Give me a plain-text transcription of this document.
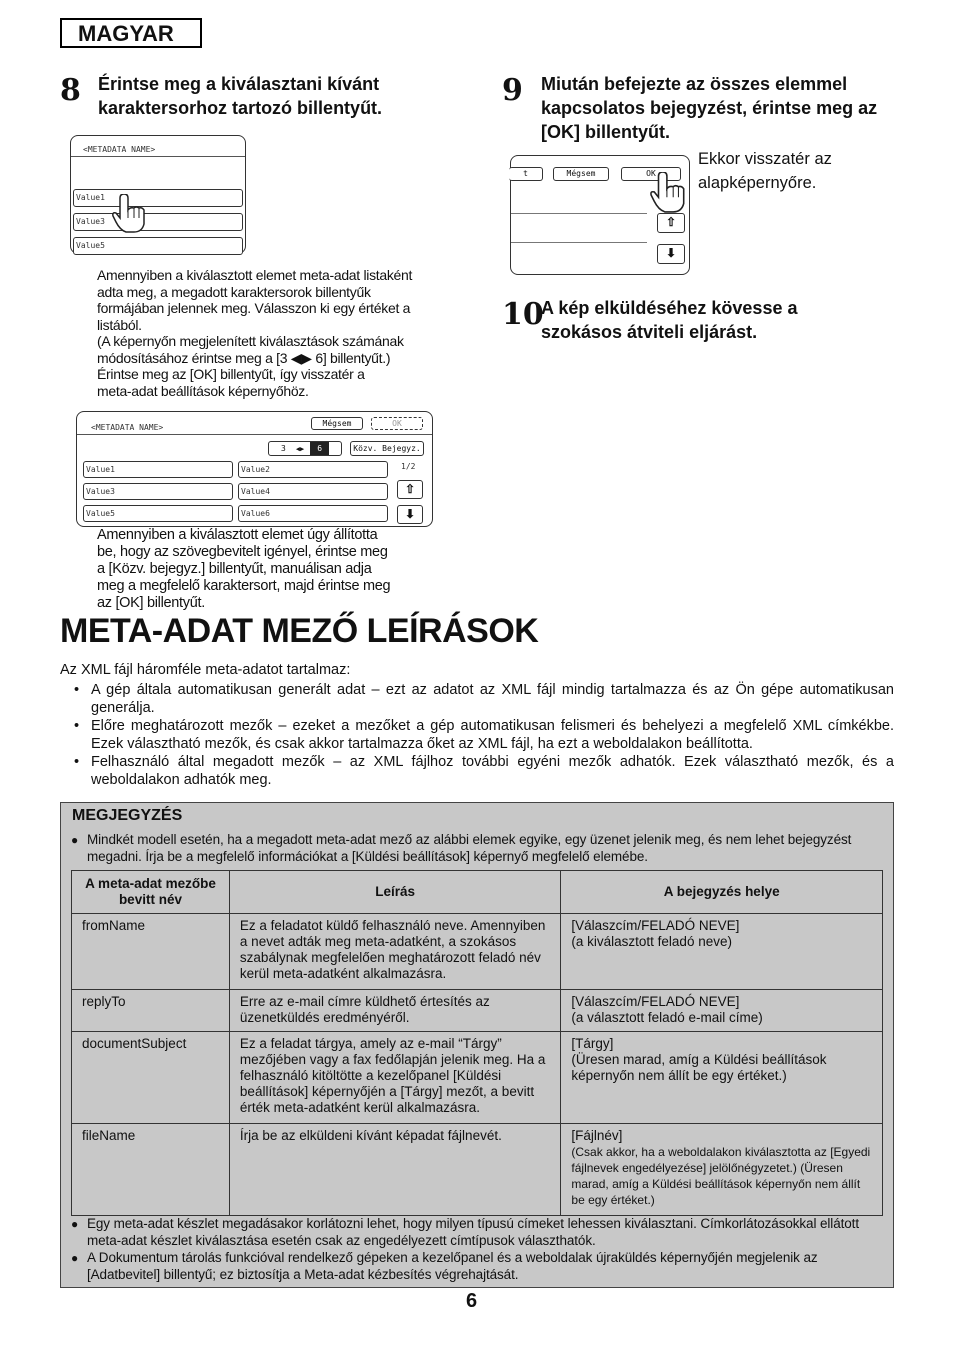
MAGYAR
8 Érintse meg a kiválasztani kívánt karaktersorhoz tartozó billentyűt.
<METADATA NAME>
Value1
Value3
Value5
Amennyiben a kiválasztott elemet meta-adat listaként
adta meg, a megadott karaktersorok billentyűk
formájában jelennek meg. Válasszon ki egy értéket a
listából.
(A képernyőn megjelenített kiválasztások számának
módosításához érintse meg a [3 ◀▶ 6] billentyűt.)
Érintse meg az [OK] billentyűt, így visszatér a
meta-adat beállítások képernyőhöz.
<METADATA NAME>	Mégsem	OK
3 ◀▶ 6	Közv. Bejegyz.
Value1	Value2
Value3	Value4
Value5	Value6
1/2
⇧
⬇
Amennyiben a kiválasztott elemet úgy állította
be, hogy az szövegbevitelt igényel, érintse meg
a [Közv. bejegyz.] billentyűt, manuálisan adja
meg a megfelelő karaktersort, majd érintse meg
az [OK] billentyűt.
9 Miután befejezte az összes elemmel kapcsolatos bejegyzést, érintse meg az [OK] billentyűt.
t	Mégsem	OK
⇧
⬇
Ekkor visszatér az
alapképernyőre.
10
A kép elküldéséhez kövesse a szokásos átviteli eljárást.
META-ADAT MEZŐ LEÍRÁSOK
Az XML fájl háromféle meta-adatot tartalmaz:
• A gép általa automatikusan generált adat – ezt az adatot az XML fájl mindig tartalmazza és az Ön gépe automatikusan generálja.
• Előre meghatározott mezők – ezeket a mezőket a gép automatikusan felismeri és behelyezi a megfelelő XML címkékbe. Ezek választható mezők, és csak akkor tartalmazza őket az XML fájl, ha ezt a weboldalakon beállította.
• Felhasználó által megadott mezők – az XML fájlhoz további egyéni mezők adhatók. Ezek választható mezők, és a weboldalakon adhatók meg.
MEGJEGYZÉS
● Mindkét modell esetén, ha a megadott meta-adat mező az alábbi elemek egyike, egy üzenet jelenik meg, és nem lehet bejegyzést megadni. Írja be a megfelelő információkat a [Küldési beállítások] képernyő megfelelő elemébe.
A meta-adat mezőbe bevitt név	Leírás	A bejegyzés helye
fromName	Ez a feladatot küldő felhasználó neve. Amennyiben a nevet adták meg meta-adatként, a szokásos szabálynak megfelelően meghatározott feladó név kerül meta-adatként alkalmazásra.	[Válaszcím/FELADÓ NEVE]
(a kiválasztott feladó neve)

replyTo	Erre az e-mail címre küldhető értesítés az üzenetküldés eredményéről.	[Válaszcím/FELADÓ NEVE]
(a választott feladó e-mail címe)

documentSubject	Ez a feladat tárgya, amely az e-mail “Tárgy” mezőjében vagy a fax fedőlapján jelenik meg. Ha a felhasználó kitöltötte a kezelőpanel [Küldési beállítások] képernyőjén a [Tárgy] mezőt, a bevitt érték meta-adatként kerül alkalmazásra.	[Tárgy]
(Üresen marad, amíg a Küldési beállítások képernyőn nem állít be egy értéket.)

fileName	Írja be az elküldeni kívánt képadat fájlnevét.	[Fájlnév]
(Csak akkor, ha a weboldalakon kiválasztotta az [Egyedi fájlnevek engedélyezése] jelölőnégyzetet.) (Üresen marad, amíg a Küldési beállítások képernyőn nem állít be egy értéket.)
● Egy meta-adat készlet megadásakor korlátozni lehet, hogy milyen típusú címeket lehessen kiválasztani. Címkorlátozásokkal ellátott meta-adat készlet kiválasztása esetén csak az engedélyezett címtípusok választhatók.
● A Dokumentum tárolás funkcióval rendelkező gépeken a kezelőpanel és a weboldalak újraküldés képernyőjén megjelenik az [Adatbevitel] billentyű; ez biztosítja a Meta-adat kézbesítés végrehajtását.
6
